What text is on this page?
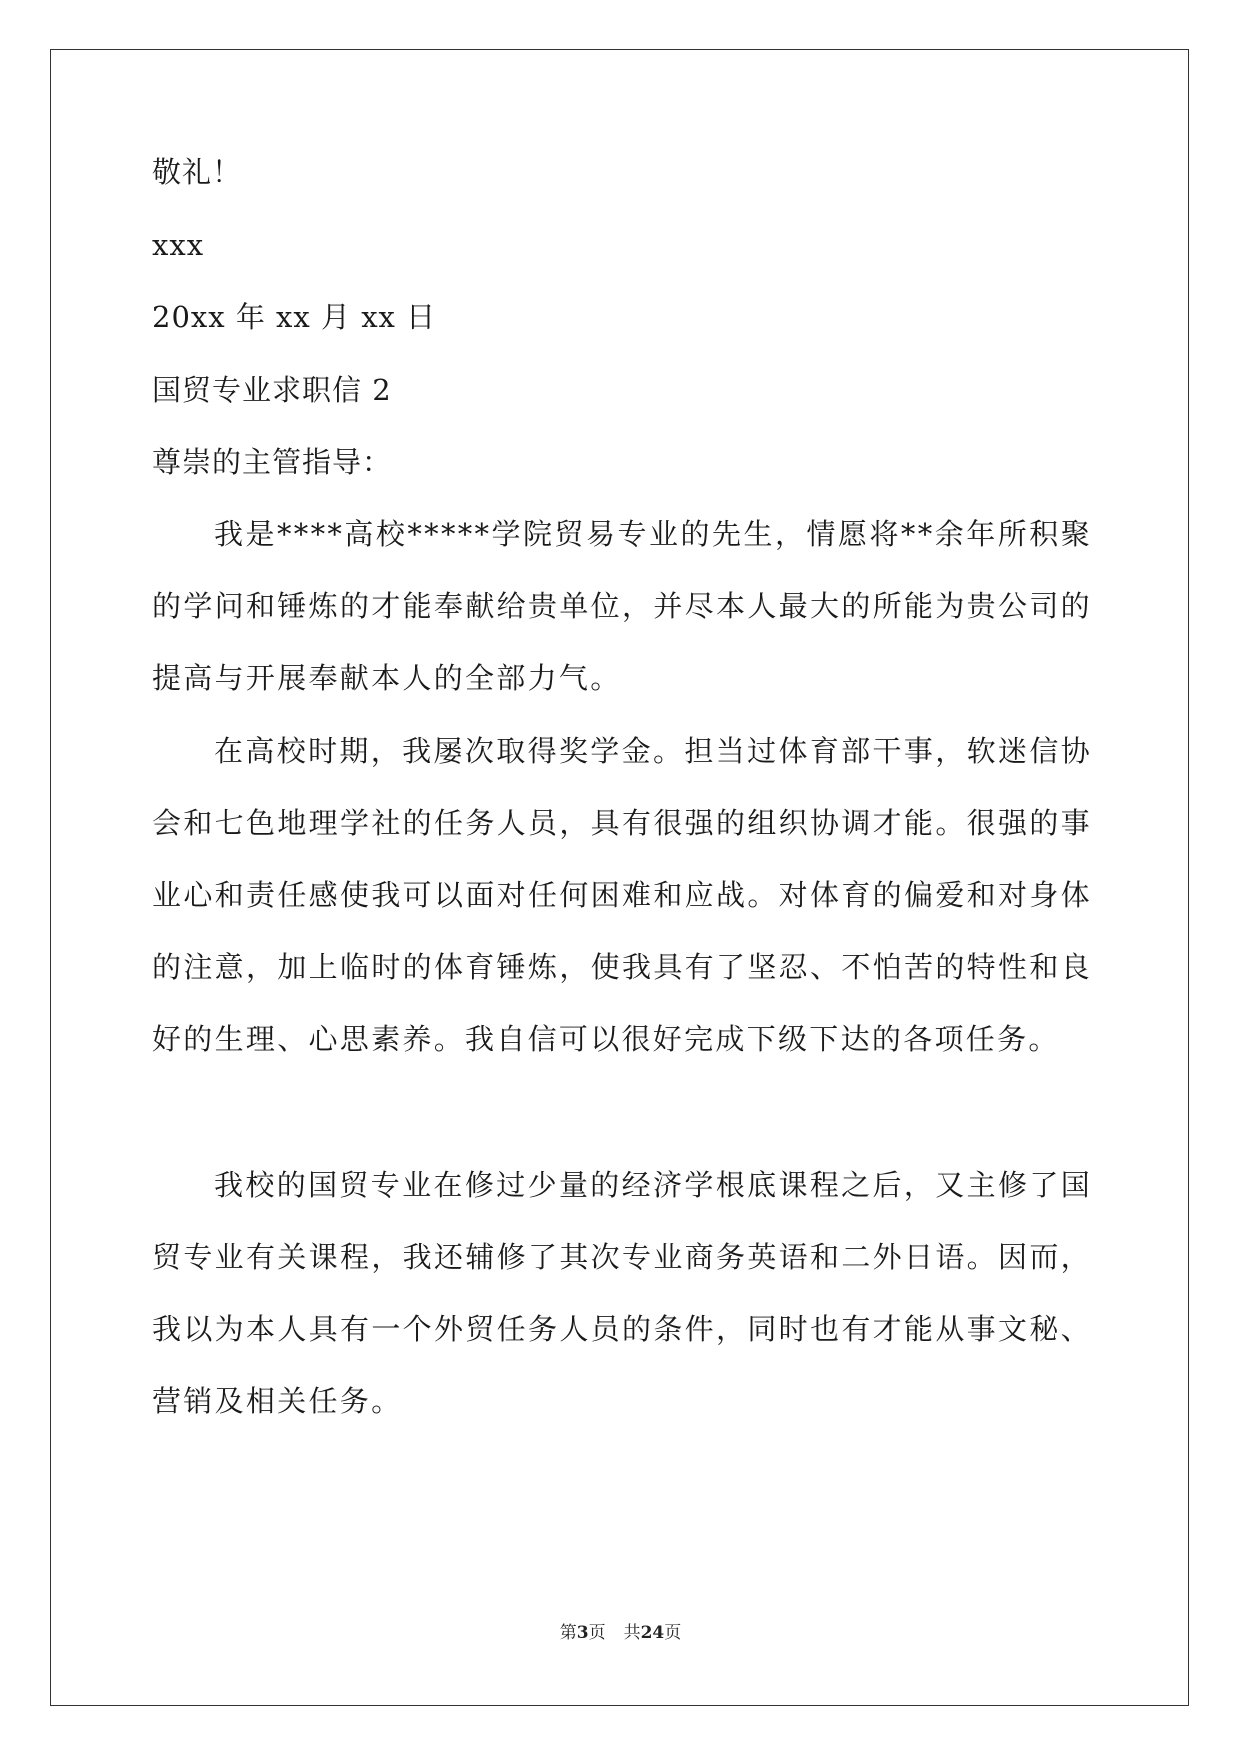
敬礼！
xxx
20xx 年 xx 月 xx 日
国贸专业求职信 2
尊崇的主管指导：
我是****高校*****学院贸易专业的先生，情愿将**余年所积聚的学问和锤炼的才能奉献给贵单位，并尽本人最大的所能为贵公司的提高与开展奉献本人的全部力气。
在高校时期，我屡次取得奖学金。担当过体育部干事，软迷信协会和七色地理学社的任务人员，具有很强的组织协调才能。很强的事业心和责任感使我可以面对任何困难和应战。对体育的偏爱和对身体的注意，加上临时的体育锤炼，使我具有了坚忍、不怕苦的特性和良好的生理、心思素养。我自信可以很好完成下级下达的各项任务。
我校的国贸专业在修过少量的经济学根底课程之后，又主修了国贸专业有关课程，我还辅修了其次专业商务英语和二外日语。因而，我以为本人具有一个外贸任务人员的条件，同时也有才能从事文秘、营销及相关任务。
第3页 共24页
